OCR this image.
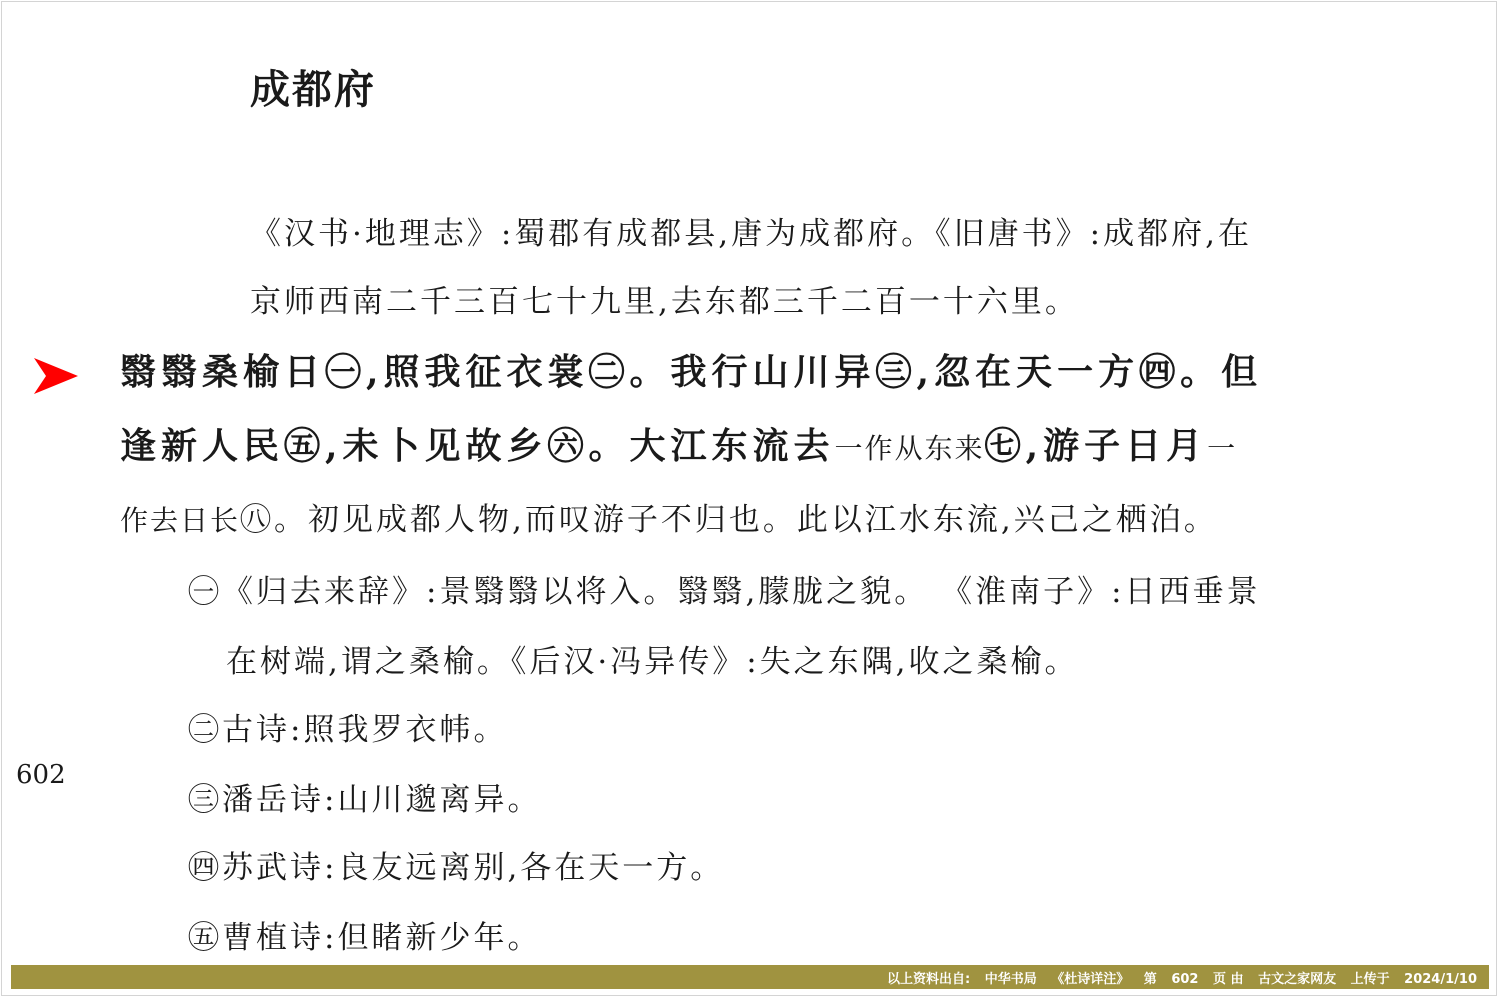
成都府

《汉书·地理志》:蜀郡有成都县,唐为成都府。《旧唐书》:成都府,在

京师西南二千三百七十九里,去东都三千二百一十六里。

翳翳桑榆日㊀,照我征衣裳㊁。我行山川异㊂,忽在天一方㊃。但

逢新人民㊄,未卜见故乡㊅。大江东流去一作从东来㊆,游子日月一

作去日长㊇。初见成都人物,而叹游子不归也。此以江水东流,兴己之栖泊。

㊀《归去来辞》:景翳翳以将入。翳翳,朦胧之貌。 《淮南子》:日西垂景

在树端,谓之桑榆。《后汉·冯异传》:失之东隅,收之桑榆。

㊁古诗:照我罗衣帏。

㊂潘岳诗:山川邈离异。

㊃苏武诗:良友远离别,各在天一方。

㊄曹植诗:但睹新少年。

602

以上资料出自: 中华书局 《杜诗详注》 第 602 页 由 古文之家网友 上传于 2024/1/10
